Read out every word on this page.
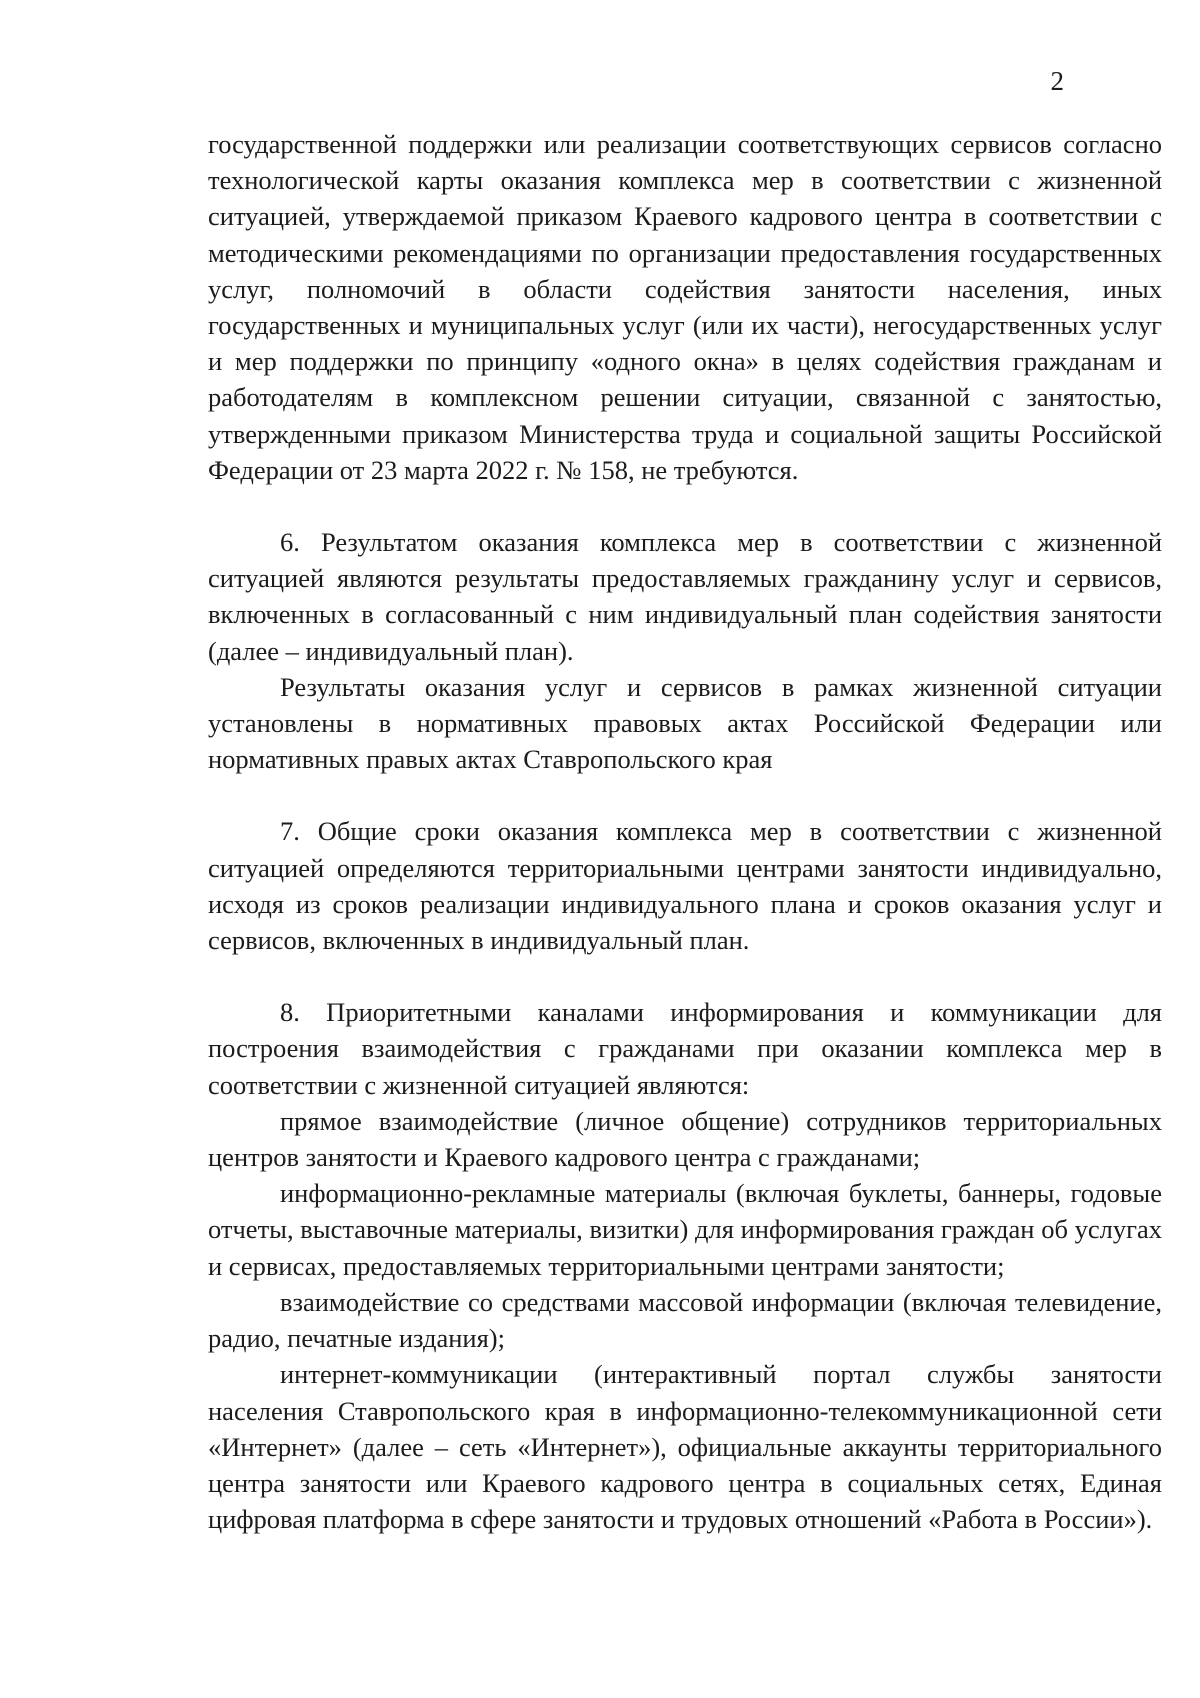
2

государственной поддержки или реализации соответствующих сервисов согласно технологической карты оказания комплекса мер в соответствии с жизненной ситуацией, утверждаемой приказом Краевого кадрового центра в соответствии с методическими рекомендациями по организации предоставления государственных услуг, полномочий в области содействия занятости населения, иных государственных и муниципальных услуг (или их части), негосударственных услуг и мер поддержки по принципу «одного окна» в целях содействия гражданам и работодателям в комплексном решении ситуации, связанной с занятостью, утвержденными приказом Министерства труда и социальной защиты Российской Федерации от 23 марта 2022 г. № 158, не требуются.

6. Результатом оказания комплекса мер в соответствии с жизненной ситуацией являются результаты предоставляемых гражданину услуг и сервисов, включенных в согласованный с ним индивидуальный план содействия занятости (далее – индивидуальный план).

Результаты оказания услуг и сервисов в рамках жизненной ситуации установлены в нормативных правовых актах Российской Федерации или нормативных правых актах Ставропольского края

7. Общие сроки оказания комплекса мер в соответствии с жизненной ситуацией определяются территориальными центрами занятости индивидуально, исходя из сроков реализации индивидуального плана и сроков оказания услуг и сервисов, включенных в индивидуальный план.

8. Приоритетными каналами информирования и коммуникации для построения взаимодействия с гражданами при оказании комплекса мер в соответствии с жизненной ситуацией являются:

прямое взаимодействие (личное общение) сотрудников территориальных центров занятости и Краевого кадрового центра с гражданами;

информационно-рекламные материалы (включая буклеты, баннеры, годовые отчеты, выставочные материалы, визитки) для информирования граждан об услугах и сервисах, предоставляемых территориальными центрами занятости;

взаимодействие со средствами массовой информации (включая телевидение, радио, печатные издания);

интернет-коммуникации (интерактивный портал службы занятости населения Ставропольского края в информационно-телекоммуникационной сети «Интернет» (далее – сеть «Интернет»), официальные аккаунты территориального центра занятости или Краевого кадрового центра в социальных сетях, Единая цифровая платформа в сфере занятости и трудовых отношений «Работа в России»).
